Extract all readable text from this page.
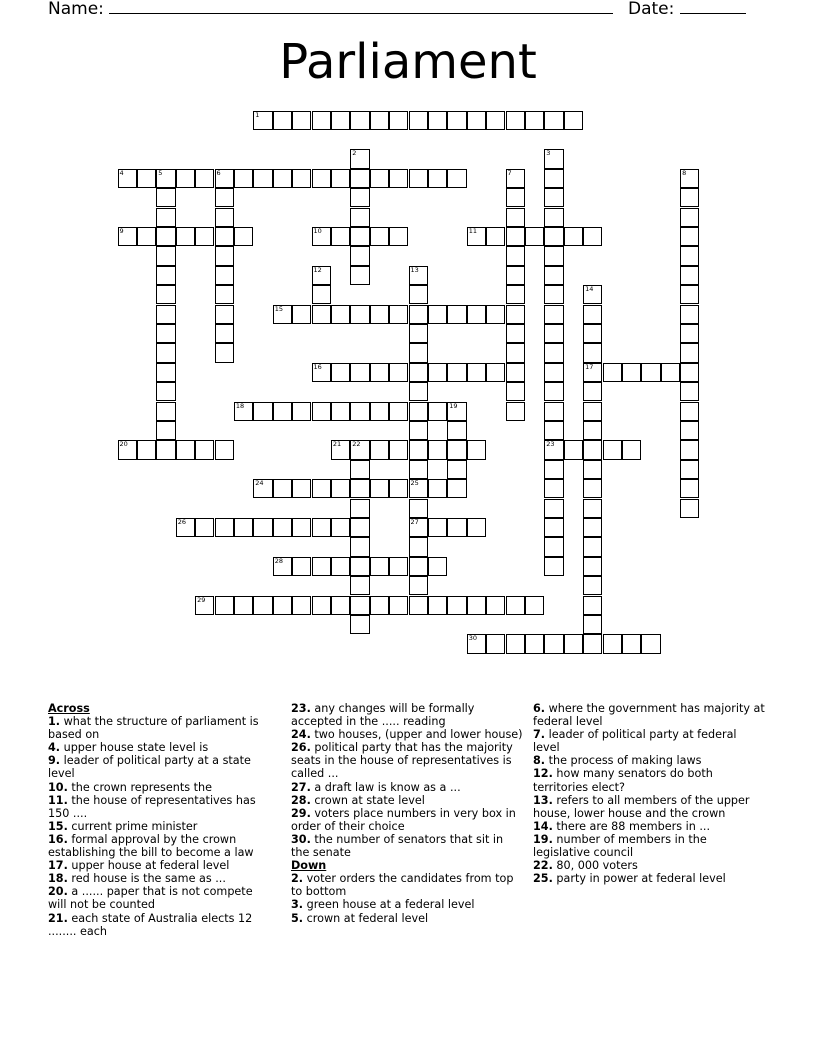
Name:	Date:
Parliament
1
2	3
23
4	5	6	7	8
9	10	11
12	13
25
27
14
17
15
16
18	19
20	21 22
24
26
28
29
30

Across

1. what the structure of parliament is based on

4. upper house state level is

9. leader of political party at a state level

10. the crown represents the

11. the house of representatives has 150 ....

15. current prime minister

16. formal approval by the crown establishing the bill to become a law

17. upper house at federal level

18. red house is the same as ...

20. a ...... paper that is not compete will not be counted

21. each state of Australia elects 12 ........ each

23. any changes will be formally accepted in the ..... reading

24. two houses, (upper and lower house)

26. political party that has the majority seats in the house of representatives is called ...

27. a draft law is know as a ...

28. crown at state level

29. voters place numbers in very box in order of their choice

30. the number of senators that sit in the senate

Down

2. voter orders the candidates from top to bottom

3. green house at a federal level

5. crown at federal level

6. where the government has majority at federal level

7. leader of political party at federal level

8. the process of making laws

12. how many senators do both territories elect?

13. refers to all members of the upper house, lower house and the crown

14. there are 88 members in ...

19. number of members in the legislative council

22. 80, 000 voters

25. party in power at federal level
